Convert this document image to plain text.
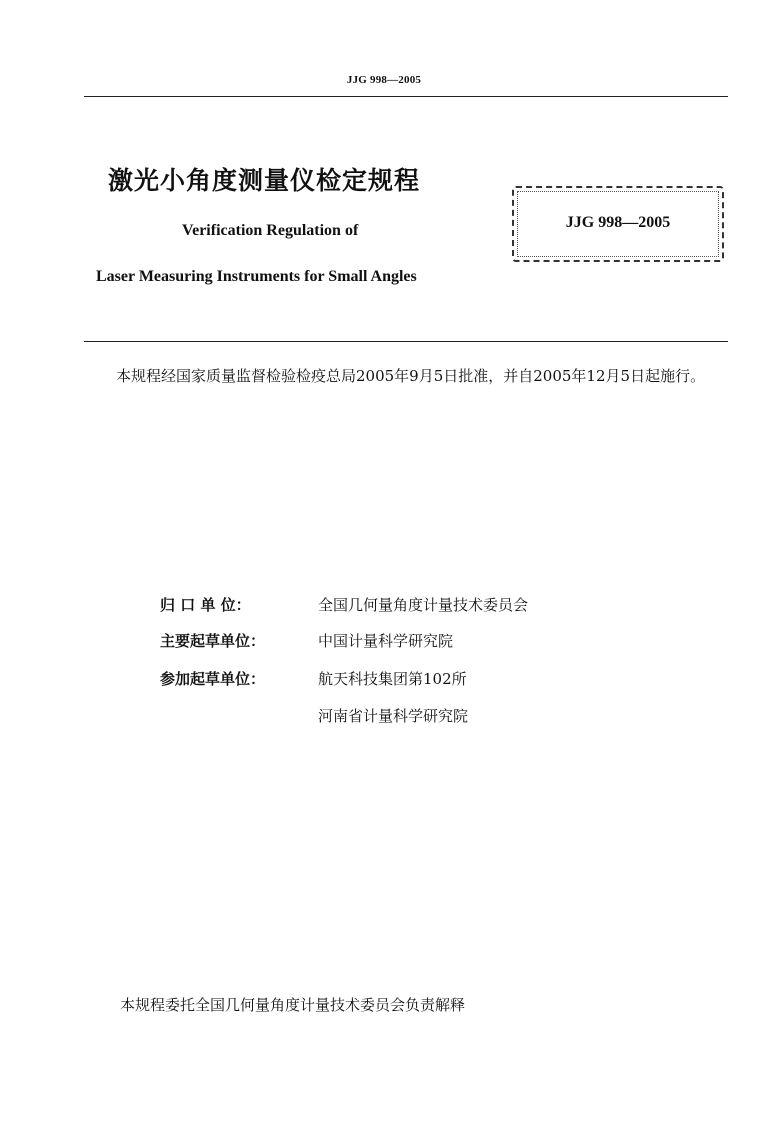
JJG 998—2005
激光小角度测量仪检定规程
Verification Regulation of
Laser Measuring Instruments for Small Angles
JJG 998—2005
本规程经国家质量监督检验检疫总局2005年9月5日批准，并自2005年12月5日起施行。
归 口 单 位：	全国几何量角度计量技术委员会
主要起草单位：	中国计量科学研究院
参加起草单位：	航天科技集团第102所
河南省计量科学研究院
本规程委托全国几何量角度计量技术委员会负责解释
